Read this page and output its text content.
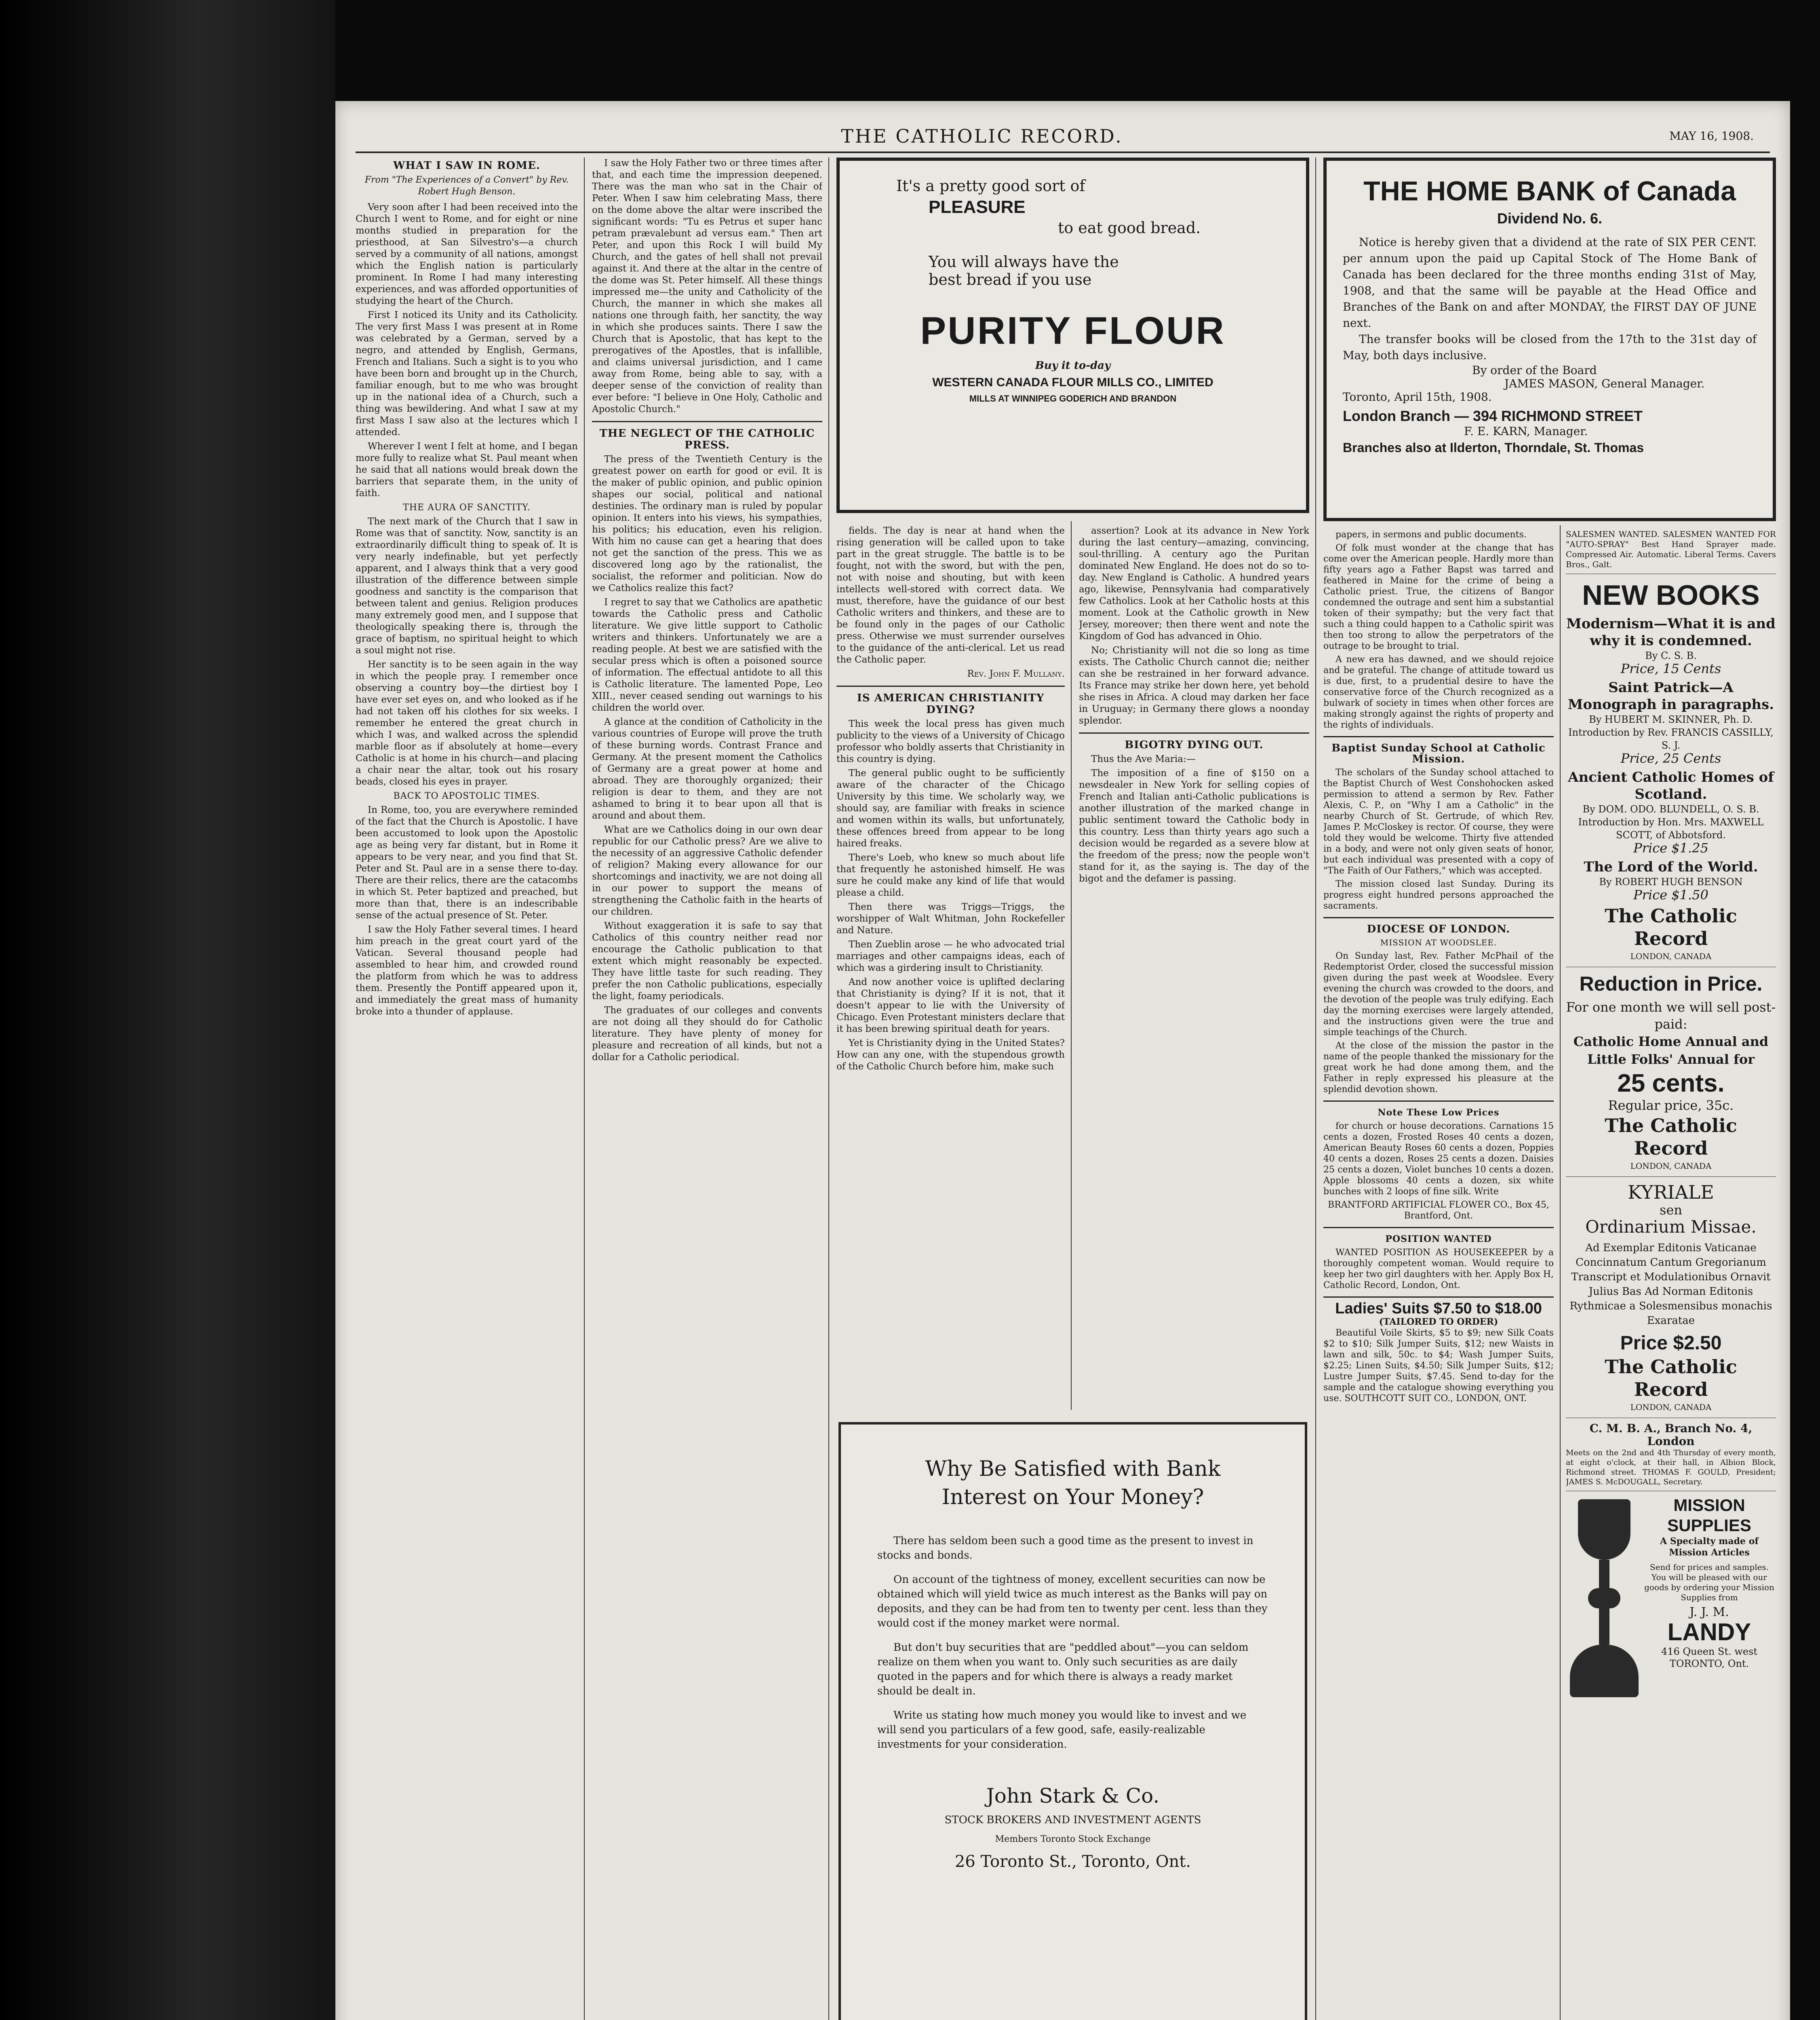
THE CATHOLIC RECORD.	MAY 16, 1908.
WHAT I SAW IN ROME.
From "The Experiences of a Convert" by Rev. Robert Hugh Benson.

Very soon after I had been received into the Church I went to Rome, and for eight or nine months studied in preparation for the priesthood, at San Silvestro's—a church served by a community of all nations, amongst which the English nation is particularly prominent. In Rome I had many interesting experiences, and was afforded opportunities of studying the heart of the Church.

First I noticed its Unity and its Catholicity. The very first Mass I was present at in Rome was celebrated by a German, served by a negro, and attended by English, Germans, French and Italians. Such a sight is to you who have been born and brought up in the Church, familiar enough, but to me who was brought up in the national idea of a Church, such a thing was bewildering. And what I saw at my first Mass I saw also at the lectures which I attended.

Wherever I went I felt at home, and I began more fully to realize what St. Paul meant when he said that all nations would break down the barriers that separate them, in the unity of faith.

THE AURA OF SANCTITY.

The next mark of the Church that I saw in Rome was that of sanctity. Now, sanctity is an extraordinarily difficult thing to speak of. It is very nearly indefinable, but yet perfectly apparent, and I always think that a very good illustration of the difference between simple goodness and sanctity is the comparison that between talent and genius. Religion produces many extremely good men, and I suppose that theologically speaking there is, through the grace of baptism, no spiritual height to which a soul might not rise.

Her sanctity is to be seen again in the way in which the people pray. I remember once observing a country boy—the dirtiest boy I have ever set eyes on, and who looked as if he had not taken off his clothes for six weeks. I remember he entered the great church in which I was, and walked across the splendid marble floor as if absolutely at home—every Catholic is at home in his church—and placing a chair near the altar, took out his rosary beads, closed his eyes in prayer.

BACK TO APOSTOLIC TIMES.

In Rome, too, you are everywhere reminded of the fact that the Church is Apostolic. I have been accustomed to look upon the Apostolic age as being very far distant, but in Rome it appears to be very near, and you find that St. Peter and St. Paul are in a sense there to-day. There are their relics, there are the catacombs in which St. Peter baptized and preached, but more than that, there is an indescribable sense of the actual presence of St. Peter.

I saw the Holy Father several times. I heard him preach in the great court yard of the Vatican. Several thousand people had assembled to hear him, and crowded round the platform from which he was to address them. Presently the Pontiff appeared upon it, and immediately the great mass of humanity broke into a thunder of applause.

I saw the Holy Father two or three times after that, and each time the impression deepened. There was the man who sat in the Chair of Peter. When I saw him celebrating Mass, there on the dome above the altar were inscribed the significant words: "Tu es Petrus et super hanc petram prævalebunt ad versus eam." Then art Peter, and upon this Rock I will build My Church, and the gates of hell shall not prevail against it. And there at the altar in the centre of the dome was St. Peter himself. All these things impressed me—the unity and Catholicity of the Church, the manner in which she makes all nations one through faith, her sanctity, the way in which she produces saints. There I saw the Church that is Apostolic, that has kept to the prerogatives of the Apostles, that is infallible, and claims universal jurisdiction, and I came away from Rome, being able to say, with a deeper sense of the conviction of reality than ever before: "I believe in One Holy, Catholic and Apostolic Church."

THE NEGLECT OF THE CATHOLIC PRESS.

The press of the Twentieth Century is the greatest power on earth for good or evil. It is the maker of public opinion, and public opinion shapes our social, political and national destinies. The ordinary man is ruled by popular opinion. It enters into his views, his sympathies, his politics; his education, even his religion. With him no cause can get a hearing that does not get the sanction of the press. This we as discovered long ago by the rationalist, the socialist, the reformer and politician. Now do we Catholics realize this fact?

I regret to say that we Catholics are apathetic towards the Catholic press and Catholic literature. We give little support to Catholic writers and thinkers. Unfortunately we are a reading people. At best we are satisfied with the secular press which is often a poisoned source of information. The effectual antidote to all this is Catholic literature. The lamented Pope, Leo XIII., never ceased sending out warnings to his children the world over.

A glance at the condition of Catholicity in the various countries of Europe will prove the truth of these burning words. Contrast France and Germany. At the present moment the Catholics of Germany are a great power at home and abroad. They are thoroughly organized; their religion is dear to them, and they are not ashamed to bring it to bear upon all that is around and about them.

What are we Catholics doing in our own dear republic for our Catholic press? Are we alive to the necessity of an aggressive Catholic defender of religion? Making every allowance for our shortcomings and inactivity, we are not doing all in our power to support the means of strengthening the Catholic faith in the hearts of our children.

Without exaggeration it is safe to say that Catholics of this country neither read nor encourage the Catholic publication to that extent which might reasonably be expected. They have little taste for such reading. They prefer the non Catholic publications, especially the light, foamy periodicals.

The graduates of our colleges and convents are not doing all they should do for Catholic literature. They have plenty of money for pleasure and recreation of all kinds, but not a dollar for a Catholic periodical.

It's a pretty good sort of
PLEASURE
to eat good bread.
You will always have the
best bread if you use
PURITY FLOUR
Buy it to-day
WESTERN CANADA FLOUR MILLS CO., LIMITED
MILLS AT WINNIPEG GODERICH AND BRANDON

fields. The day is near at hand when the rising generation will be called upon to take part in the great struggle. The battle is to be fought, not with the sword, but with the pen, not with noise and shouting, but with keen intellects well-stored with correct data. We must, therefore, have the guidance of our best Catholic writers and thinkers, and these are to be found only in the pages of our Catholic press. Otherwise we must surrender ourselves to the guidance of the anti-clerical. Let us read the Catholic paper.

Rev. John F. Mullany.
IS AMERICAN CHRISTIANITY DYING?

This week the local press has given much publicity to the views of a University of Chicago professor who boldly asserts that Christianity in this country is dying.

The general public ought to be sufficiently aware of the character of the Chicago University by this time. We scholarly way, we should say, are familiar with freaks in science and women within its walls, but unfortunately, these offences breed from appear to be long haired freaks.

There's Loeb, who knew so much about life that frequently he astonished himself. He was sure he could make any kind of life that would please a child.

Then there was Triggs—Triggs, the worshipper of Walt Whitman, John Rockefeller and Nature.

Then Zueblin arose — he who advocated trial marriages and other campaigns ideas, each of which was a girdering insult to Christianity.

And now another voice is uplifted declaring that Christianity is dying? If it is not, that it doesn't appear to lie with the University of Chicago. Even Protestant ministers declare that it has been brewing spiritual death for years.

Yet is Christianity dying in the United States? How can any one, with the stupendous growth of the Catholic Church before him, make such

assertion? Look at its advance in New York during the last century—amazing, convincing, soul-thrilling. A century ago the Puritan dominated New England. He does not do so to-day. New England is Catholic. A hundred years ago, likewise, Pennsylvania had comparatively few Catholics. Look at her Catholic hosts at this moment. Look at the Catholic growth in New Jersey, moreover; then there went and note the Kingdom of God has advanced in Ohio.

No; Christianity will not die so long as time exists. The Catholic Church cannot die; neither can she be restrained in her forward advance. Its France may strike her down here, yet behold she rises in Africa. A cloud may darken her face in Uruguay; in Germany there glows a noonday splendor.

BIGOTRY DYING OUT.

Thus the Ave Maria:—

The imposition of a fine of $150 on a newsdealer in New York for selling copies of French and Italian anti-Catholic publications is another illustration of the marked change in public sentiment toward the Catholic body in this country. Less than thirty years ago such a decision would be regarded as a severe blow at the freedom of the press; now the people won't stand for it, as the saying is. The day of the bigot and the defamer is passing.

Why Be Satisfied with Bank
Interest on Your Money?
There has seldom been such a good time as the present to invest in stocks and bonds.
On account of the tightness of money, excellent securities can now be obtained which will yield twice as much interest as the Banks will pay on deposits, and they can be had from ten to twenty per cent. less than they would cost if the money market were normal.
But don't buy securities that are "peddled about"—you can seldom realize on them when you want to. Only such securities as are daily quoted in the papers and for which there is always a ready market should be dealt in.
Write us stating how much money you would like to invest and we will send you particulars of a few good, safe, easily-realizable investments for your consideration.
John Stark & Co.
STOCK BROKERS AND INVESTMENT AGENTS
Members Toronto Stock Exchange
26 Toronto St., Toronto, Ont.
THE HOME BANK of Canada
Dividend No. 6.
Notice is hereby given that a dividend at the rate of SIX PER CENT. per annum upon the paid up Capital Stock of The Home Bank of Canada has been declared for the three months ending 31st of May, 1908, and that the same will be payable at the Head Office and Branches of the Bank on and after MONDAY, the FIRST DAY OF JUNE next.
The transfer books will be closed from the 17th to the 31st day of May, both days inclusive.
By order of the Board
JAMES MASON, General Manager.
Toronto, April 15th, 1908.
London Branch — 394 RICHMOND STREET
F. E. KARN, Manager.
Branches also at Ilderton, Thorndale, St. Thomas

papers, in sermons and public documents.

Of folk must wonder at the change that has come over the American people. Hardly more than fifty years ago a Father Bapst was tarred and feathered in Maine for the crime of being a Catholic priest. True, the citizens of Bangor condemned the outrage and sent him a substantial token of their sympathy; but the very fact that such a thing could happen to a Catholic spirit was then too strong to allow the perpetrators of the outrage to be brought to trial.

A new era has dawned, and we should rejoice and be grateful. The change of attitude toward us is due, first, to a prudential desire to have the conservative force of the Church recognized as a bulwark of society in times when other forces are making strongly against the rights of property and the rights of individuals.

Baptist Sunday School at Catholic Mission.

The scholars of the Sunday school attached to the Baptist Church of West Conshohocken asked permission to attend a sermon by Rev. Father Alexis, C. P., on "Why I am a Catholic" in the nearby Church of St. Gertrude, of which Rev. James P. McCloskey is rector. Of course, they were told they would be welcome. Thirty five attended in a body, and were not only given seats of honor, but each individual was presented with a copy of "The Faith of Our Fathers," which was accepted.

The mission closed last Sunday. During its progress eight hundred persons approached the sacraments.

DIOCESE OF LONDON.
MISSION AT WOODSLEE.

On Sunday last, Rev. Father McPhail of the Redemptorist Order, closed the successful mission given during the past week at Woodslee. Every evening the church was crowded to the doors, and the devotion of the people was truly edifying. Each day the morning exercises were largely attended, and the instructions given were the true and simple teachings of the Church.

At the close of the mission the pastor in the name of the people thanked the missionary for the great work he had done among them, and the Father in reply expressed his pleasure at the splendid devotion shown.

Note These Low Prices

for church or house decorations. Carnations 15 cents a dozen, Frosted Roses 40 cents a dozen, American Beauty Roses 60 cents a dozen, Poppies 40 cents a dozen, Roses 25 cents a dozen. Daisies 25 cents a dozen, Violet bunches 10 cents a dozen. Apple blossoms 40 cents a dozen, six white bunches with 2 loops of fine silk. Write

BRANTFORD ARTIFICIAL FLOWER CO., Box 45, Brantford, Ont.
POSITION WANTED

WANTED POSITION AS HOUSEKEEPER by a thoroughly competent woman. Would require to keep her two girl daughters with her. Apply Box H, Catholic Record, London, Ont.

Ladies' Suits $7.50 to $18.00
(TAILORED TO ORDER)

Beautiful Voile Skirts, $5 to $9; new Silk Coats $2 to $10; Silk Jumper Suits, $12; new Waists in lawn and silk, 50c. to $4; Wash Jumper Suits, $2.25; Linen Suits, $4.50; Silk Jumper Suits, $12; Lustre Jumper Suits, $7.45. Send to-day for the sample and the catalogue showing everything you use. SOUTHCOTT SUIT CO., LONDON, ONT.

SALESMEN WANTED. SALESMEN WANTED FOR "AUTO-SPRAY" Best Hand Sprayer made. Compressed Air. Automatic. Liberal Terms. Cavers Bros., Galt.
NEW BOOKS
Modernism—What it is and why it is condemned.
By C. S. B.
Price, 15 Cents
Saint Patrick—A Monograph in paragraphs.
By HUBERT M. SKINNER, Ph. D.
Introduction by Rev. FRANCIS CASSILLY, S. J.
Price, 25 Cents
Ancient Catholic Homes of Scotland.
By DOM. ODO. BLUNDELL, O. S. B.
Introduction by Hon. Mrs. MAXWELL SCOTT, of Abbotsford.
Price $1.25
The Lord of the World.
By ROBERT HUGH BENSON
Price $1.50
The Catholic Record
LONDON, CANADA
Reduction in Price.
For one month we will sell post-paid:
Catholic Home Annual and
Little Folks' Annual for
25 cents.
Regular price, 35c.
The Catholic Record
LONDON, CANADA
KYRIALE
sen
Ordinarium Missae.
Ad Exemplar Editonis Vaticanae Concinnatum Cantum Gregorianum Transcript et Modulationibus Ornavit Julius Bas Ad Norman Editonis Rythmicae a Solesmensibus monachis Exaratae
Price $2.50
The Catholic Record
LONDON, CANADA
C. M. B. A., Branch No. 4, London
Meets on the 2nd and 4th Thursday of every month, at eight o'clock, at their hall, in Albion Block, Richmond street. THOMAS F. GOULD, President; JAMES S. McDOUGALL, Secretary.
MISSION SUPPLIES
A Specialty made of Mission Articles
Send for prices and samples. You will be pleased with our goods by ordering your Mission Supplies from
J. J. M.
LANDY
416 Queen St. west TORONTO, Ont.
